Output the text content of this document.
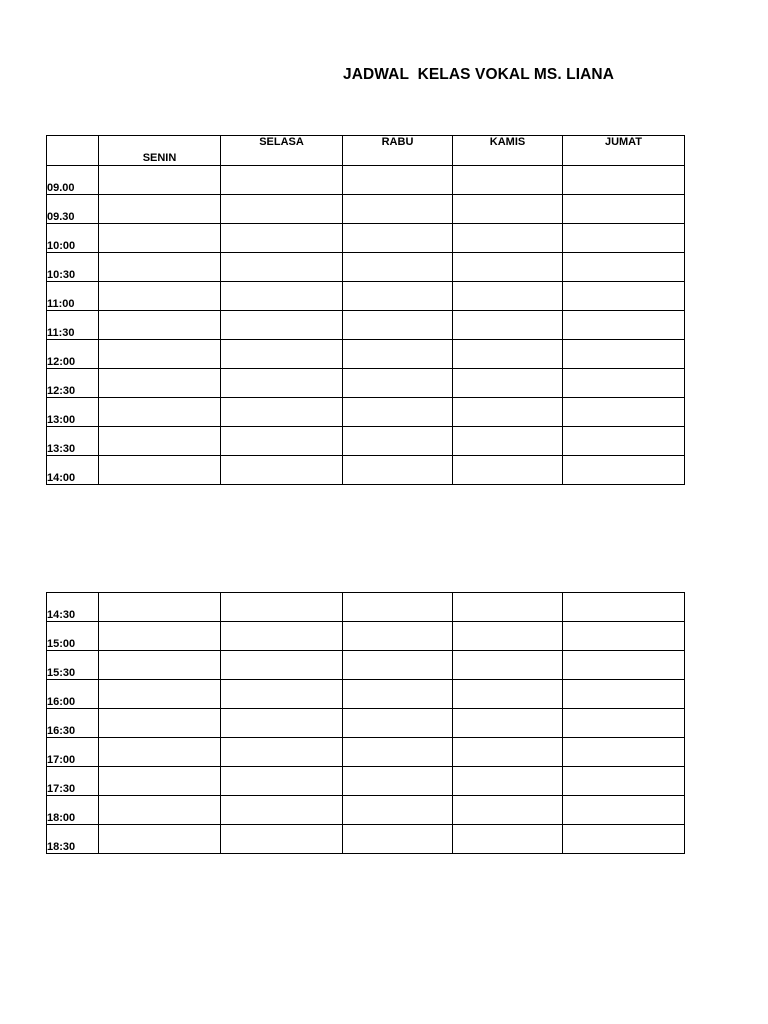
JADWAL  KELAS VOKAL MS. LIANA
	SENIN	SELASA	RABU	KAMIS	JUMAT
09.00					
09.30					
10:00					
10:30					
11:00					
11:30					
12:00					
12:30					
13:00					
13:30					
14:00					
14:30					
15:00					
15:30					
16:00					
16:30					
17:00					
17:30					
18:00					
18:30					
